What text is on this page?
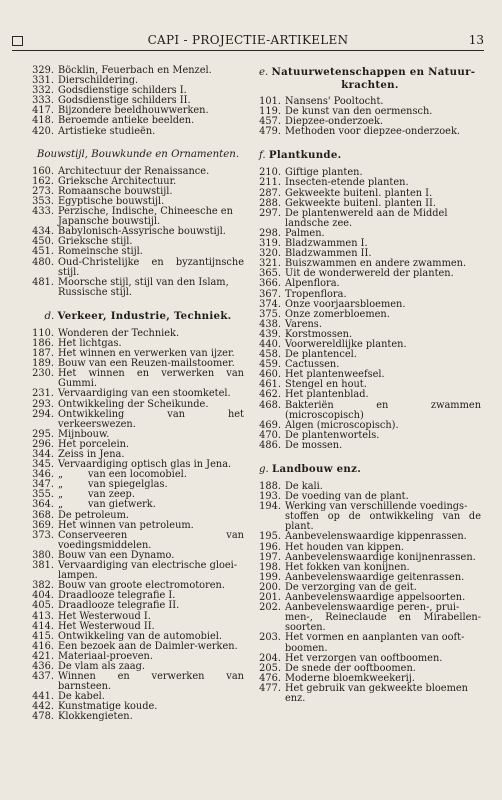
CAPI - PROJECTIE-ARTIKELEN	13
329. Böcklin, Feuerbach en Menzel.
331. Dierschildering.
332. Godsdienstige schilders I.
333. Godsdienstige schilders II.
417. Bijzondere beeldhouwwerken.
418. Beroemde antieke beelden.
420. Artistieke studieën.
Bouwstijl, Bouwkunde en Ornamenten.
160. Architectuur der Renaissance.
162. Grieksche Architectuur.
273. Romaansche bouwstijl.
353. Egyptische bouwstijl.
433. Perzische, Indische, Chineesche en
Japansche bouwstijl.
434. Babylonisch-Assyrische bouwstijl.
450. Grieksche stijl.
451. Romeinsche stijl.
480. Oud-Christelijke en byzantijnsche stijl.
481. Moorsche stijl, stijl van den Islam,
Russische stijl.
d. Verkeer, Industrie, Techniek.
110. Wonderen der Techniek.
186. Het lichtgas.
187. Het winnen en verwerken van ijzer.
189. Bouw van een Reuzen-mailstoomer.
230. Het winnen en verwerken van Gummi.
231. Vervaardiging van een stoomketel.
293. Ontwikkeling der Scheikunde.
294. Ontwikkeling van het verkeerswezen.
295. Mijnbouw.
296. Het porcelein.
344. Zeiss in Jena.
345. Vervaardiging optisch glas in Jena.
346. „        van een locomobiel.
347. „        van spiegelglas.
355. „        van zeep.
364. „        van gietwerk.
368. De petroleum.
369. Het winnen van petroleum.
373. Conserveeren van voedingsmiddelen.
380. Bouw van een Dynamo.
381. Vervaardiging van electrische gloei-
lampen.
382. Bouw van groote electromotoren.
404. Draadlooze telegrafie I.
405. Draadlooze telegrafie II.
413. Het Westerwoud I.
414. Het Westerwoud II.
415. Ontwikkeling van de automobiel.
416. Een bezoek aan de Daimler-werken.
421. Materiaal-proeven.
436. De vlam als zaag.
437. Winnen en verwerken van barnsteen.
441. De kabel.
442. Kunstmatige koude.
478. Klokkengieten.
e. Natuurwetenschappen en Natuur-
krachten.
101. Nansens' Pooltocht.
119. De kunst van den oermensch.
457. Diepzee-onderzoek.
479. Methoden voor diepzee-onderzoek.
f. Plantkunde.
210. Giftige planten.
211. Insecten-etende planten.
287. Gekweekte buitenl. planten I.
288. Gekweekte buitenl. planten II.
297. De plantenwereld aan de Middel
landsche zee.
298. Palmen.
319. Bladzwammen I.
320. Bladzwammen II.
321. Buiszwammen en andere zwammen.
365. Uit de wonderwereld der planten.
366. Alpenflora.
367. Tropenflora.
374. Onze voorjaarsbloemen.
375. Onze zomerbloemen.
438. Varens.
439. Korstmossen.
440. Voorwereldlijke planten.
458. De plantencel.
459. Cactussen.
460. Het plantenweefsel.
461. Stengel en hout.
462. Het plantenblad.
468. Bakteriën en zwammen (microscopisch)
469. Algen (microscopisch).
470. De plantenwortels.
486. De mossen.
g. Landbouw enz.
188. De kali.
193. De voeding van de plant.
194. Werking van verschillende voedings-
stoffen op de ontwikkeling van de plant.
195. Aanbevelenswaardige kippenrassen.
196. Het houden van kippen.
197. Aanbevelenswaardige konijnenrassen.
198. Het fokken van konijnen.
199. Aanbevelenswaardige geitenrassen.
200. De verzorging van de geit.
201. Aanbevelenswaardige appelsoorten.
202. Aanbevelenswaardige peren-, prui-
men-, Reineclaude en Mirabellen-soorten.
203. Het vormen en aanplanten van ooft-
boomen.
204. Het verzorgen van ooftboomen.
205. De snede der ooftboomen.
476. Moderne bloemkweekerij.
477. Het gebruik van gekweekte bloemen
enz.
